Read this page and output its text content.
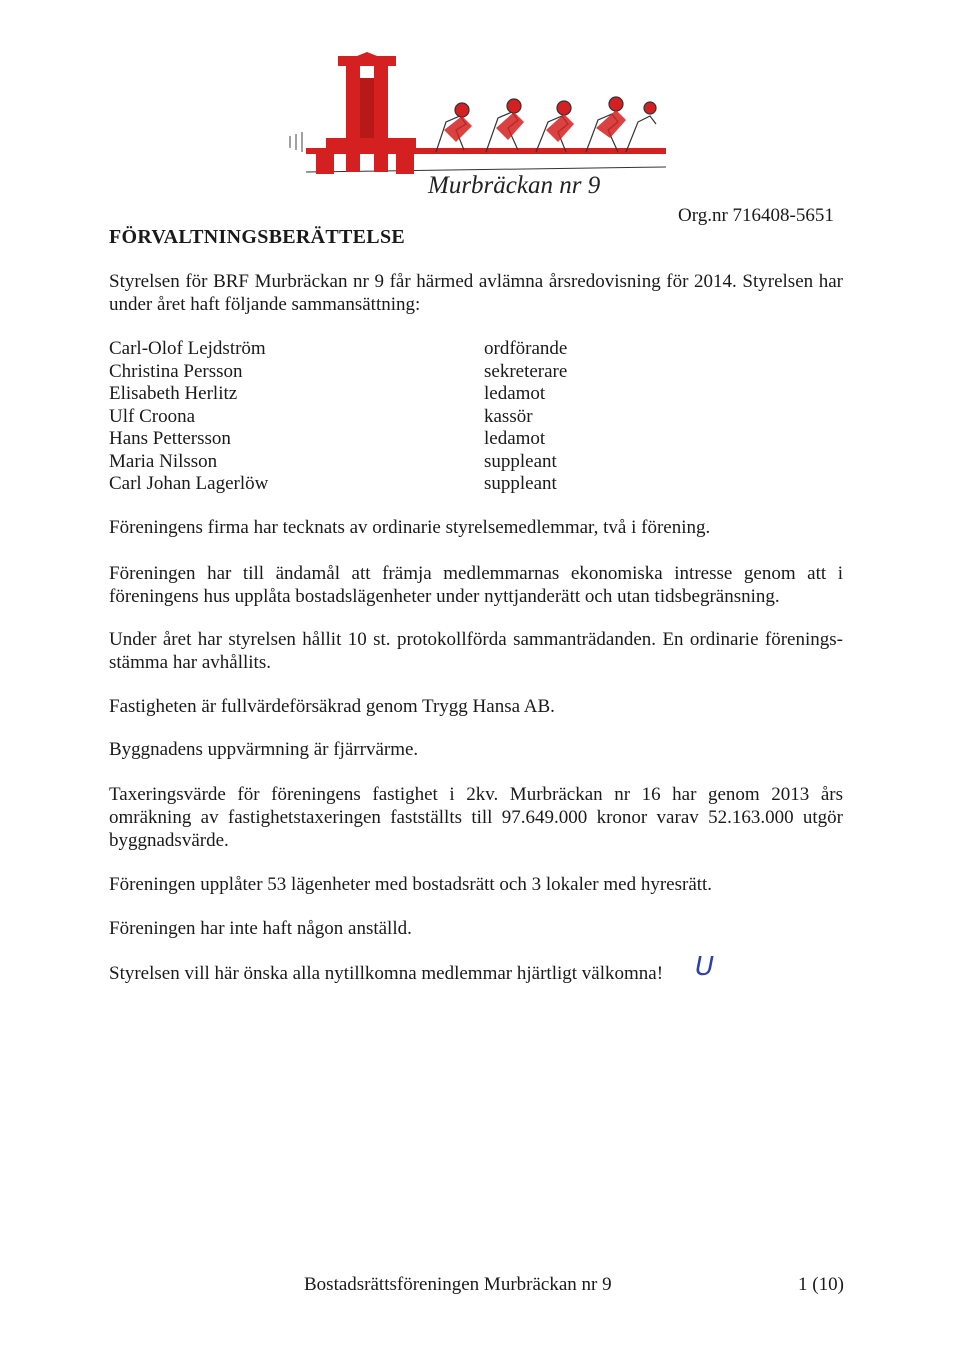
Murbräckan nr 9
FÖRVALTNINGSBERÄTTELSE
Org.nr 716408-5651
Styrelsen för BRF Murbräckan nr 9 får härmed avlämna årsredovisning för 2014. Styrelsen har under året haft följande sammansättning:
Carl-Olof Lejdström	ordförande
Christina Persson	sekreterare
Elisabeth Herlitz	ledamot
Ulf Croona	kassör
Hans Pettersson	ledamot
Maria Nilsson	suppleant
Carl Johan Lagerlöw	suppleant
Föreningens firma har tecknats av ordinarie styrelsemedlemmar, två i förening.
Föreningen har till ändamål att främja medlemmarnas ekonomiska intresse genom att i föreningens hus upplåta bostadslägenheter under nyttjanderätt och utan tidsbegränsning.
Under året har styrelsen hållit 10 st. protokollförda sammanträdanden. En ordinarie förenings-stämma har avhållits.
Fastigheten är fullvärdeförsäkrad genom Trygg Hansa AB.
Byggnadens uppvärmning är fjärrvärme.
Taxeringsvärde för föreningens fastighet i 2kv. Murbräckan nr 16 har genom 2013 års omräkning av fastighetstaxeringen fastställts till 97.649.000 kronor varav 52.163.000 utgör byggnadsvärde.
Föreningen upplåter 53 lägenheter med bostadsrätt och 3 lokaler med hyresrätt.
Föreningen har inte haft någon anställd.
Styrelsen vill här önska alla nytillkomna medlemmar hjärtligt välkomna!	U
Bostadsrättsföreningen Murbräckan nr 9	1 (10)
